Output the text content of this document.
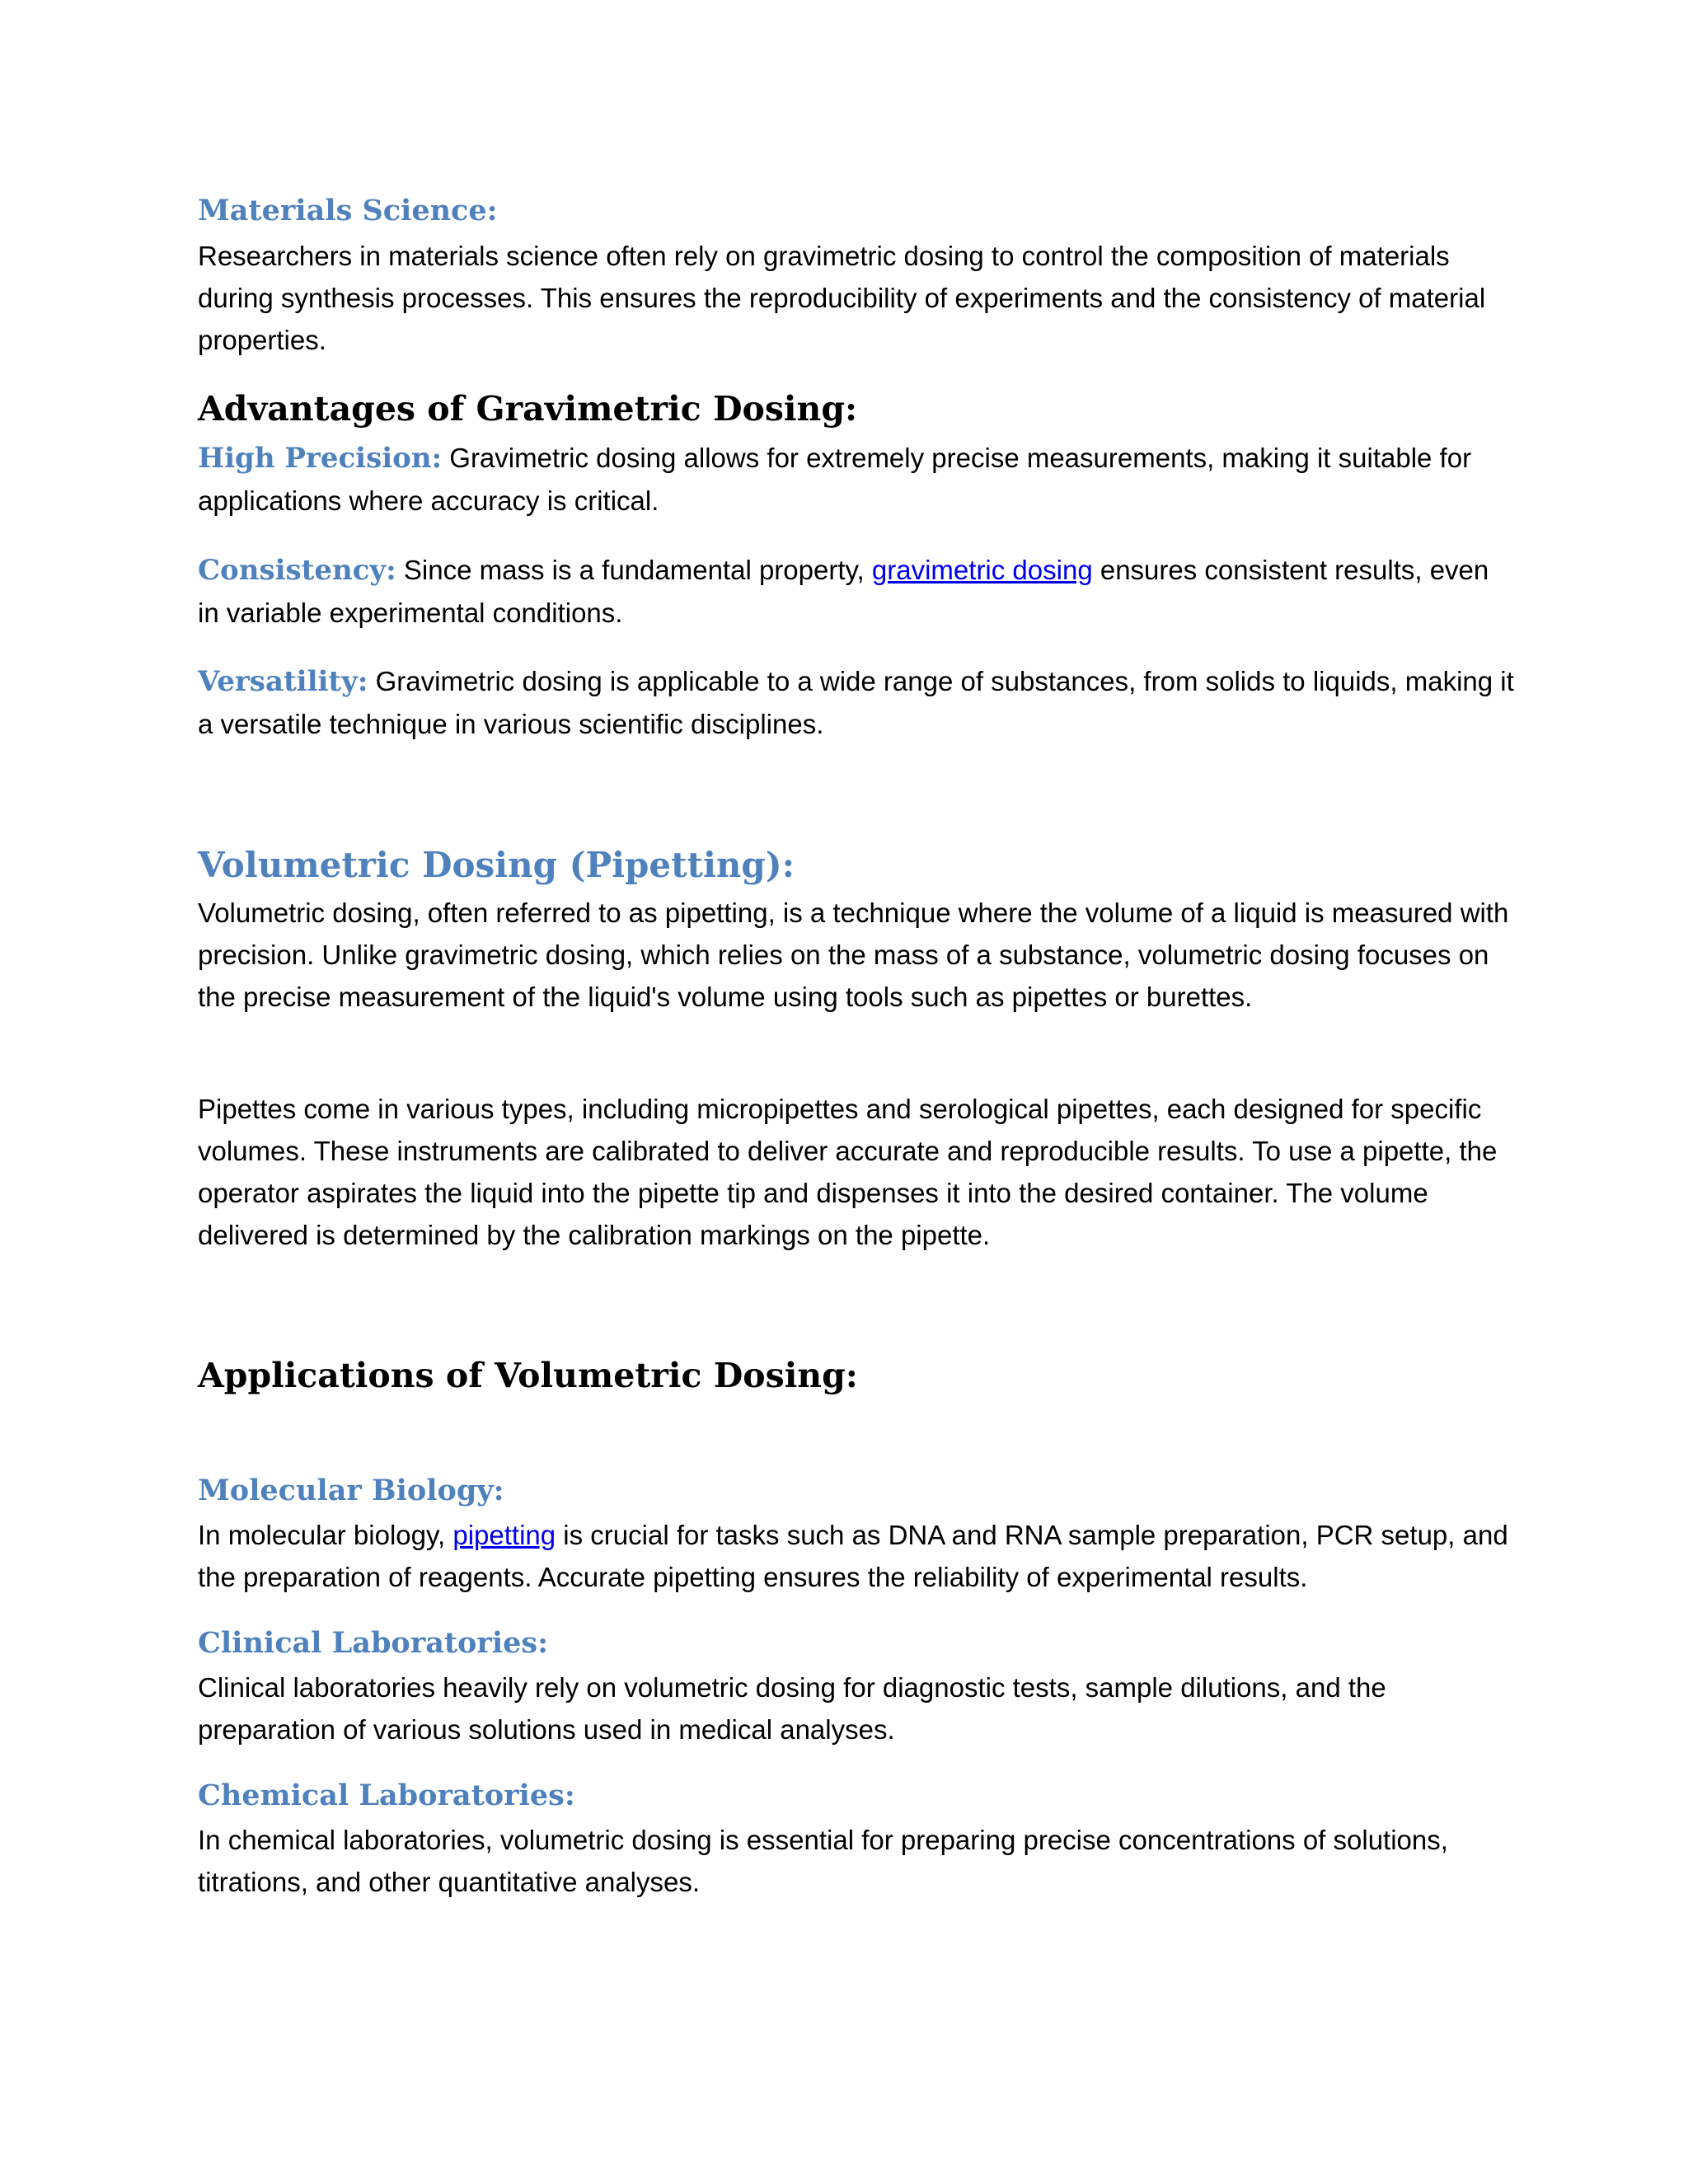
Materials Science:

Researchers in materials science often rely on gravimetric dosing to control the composition of materials during synthesis processes. This ensures the reproducibility of experiments and the consistency of material properties.

Advantages of Gravimetric Dosing:

High Precision: Gravimetric dosing allows for extremely precise measurements, making it suitable for applications where accuracy is critical.

Consistency: Since mass is a fundamental property, gravimetric dosing ensures consistent results, even in variable experimental conditions.

Versatility: Gravimetric dosing is applicable to a wide range of substances, from solids to liquids, making it a versatile technique in various scientific disciplines.

Volumetric Dosing (Pipetting):

Volumetric dosing, often referred to as pipetting, is a technique where the volume of a liquid is measured with precision. Unlike gravimetric dosing, which relies on the mass of a substance, volumetric dosing focuses on the precise measurement of the liquid's volume using tools such as pipettes or burettes.

Pipettes come in various types, including micropipettes and serological pipettes, each designed for specific volumes. These instruments are calibrated to deliver accurate and reproducible results. To use a pipette, the operator aspirates the liquid into the pipette tip and dispenses it into the desired container. The volume delivered is determined by the calibration markings on the pipette.

Applications of Volumetric Dosing:
Molecular Biology:

In molecular biology, pipetting is crucial for tasks such as DNA and RNA sample preparation, PCR setup, and the preparation of reagents. Accurate pipetting ensures the reliability of experimental results.

Clinical Laboratories:

Clinical laboratories heavily rely on volumetric dosing for diagnostic tests, sample dilutions, and the preparation of various solutions used in medical analyses.

Chemical Laboratories:

In chemical laboratories, volumetric dosing is essential for preparing precise concentrations of solutions, titrations, and other quantitative analyses.
